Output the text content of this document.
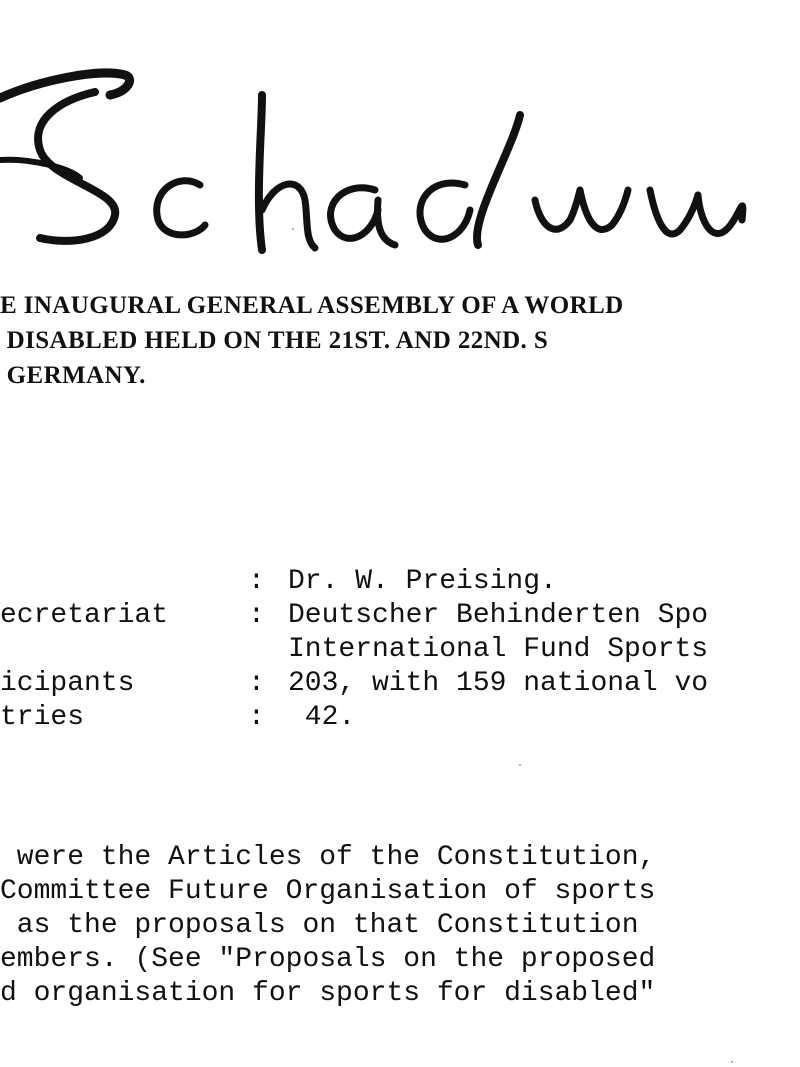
E INAUGURAL GENERAL ASSEMBLY OF A WORLD
DISABLED HELD ON THE 21ST. AND 22ND. S
GERMANY.
: Dr. W. Preising.
ecretariat	: Deutscher Behinderten Spo
International Fund Sports
icipants	: 203, with 159 national vo
tries	: 42.
were the Articles of the Constitution,
Committee Future Organisation of sports
as the proposals on that Constitution
embers. (See "Proposals on the proposed
d organisation for sports for disabled"
